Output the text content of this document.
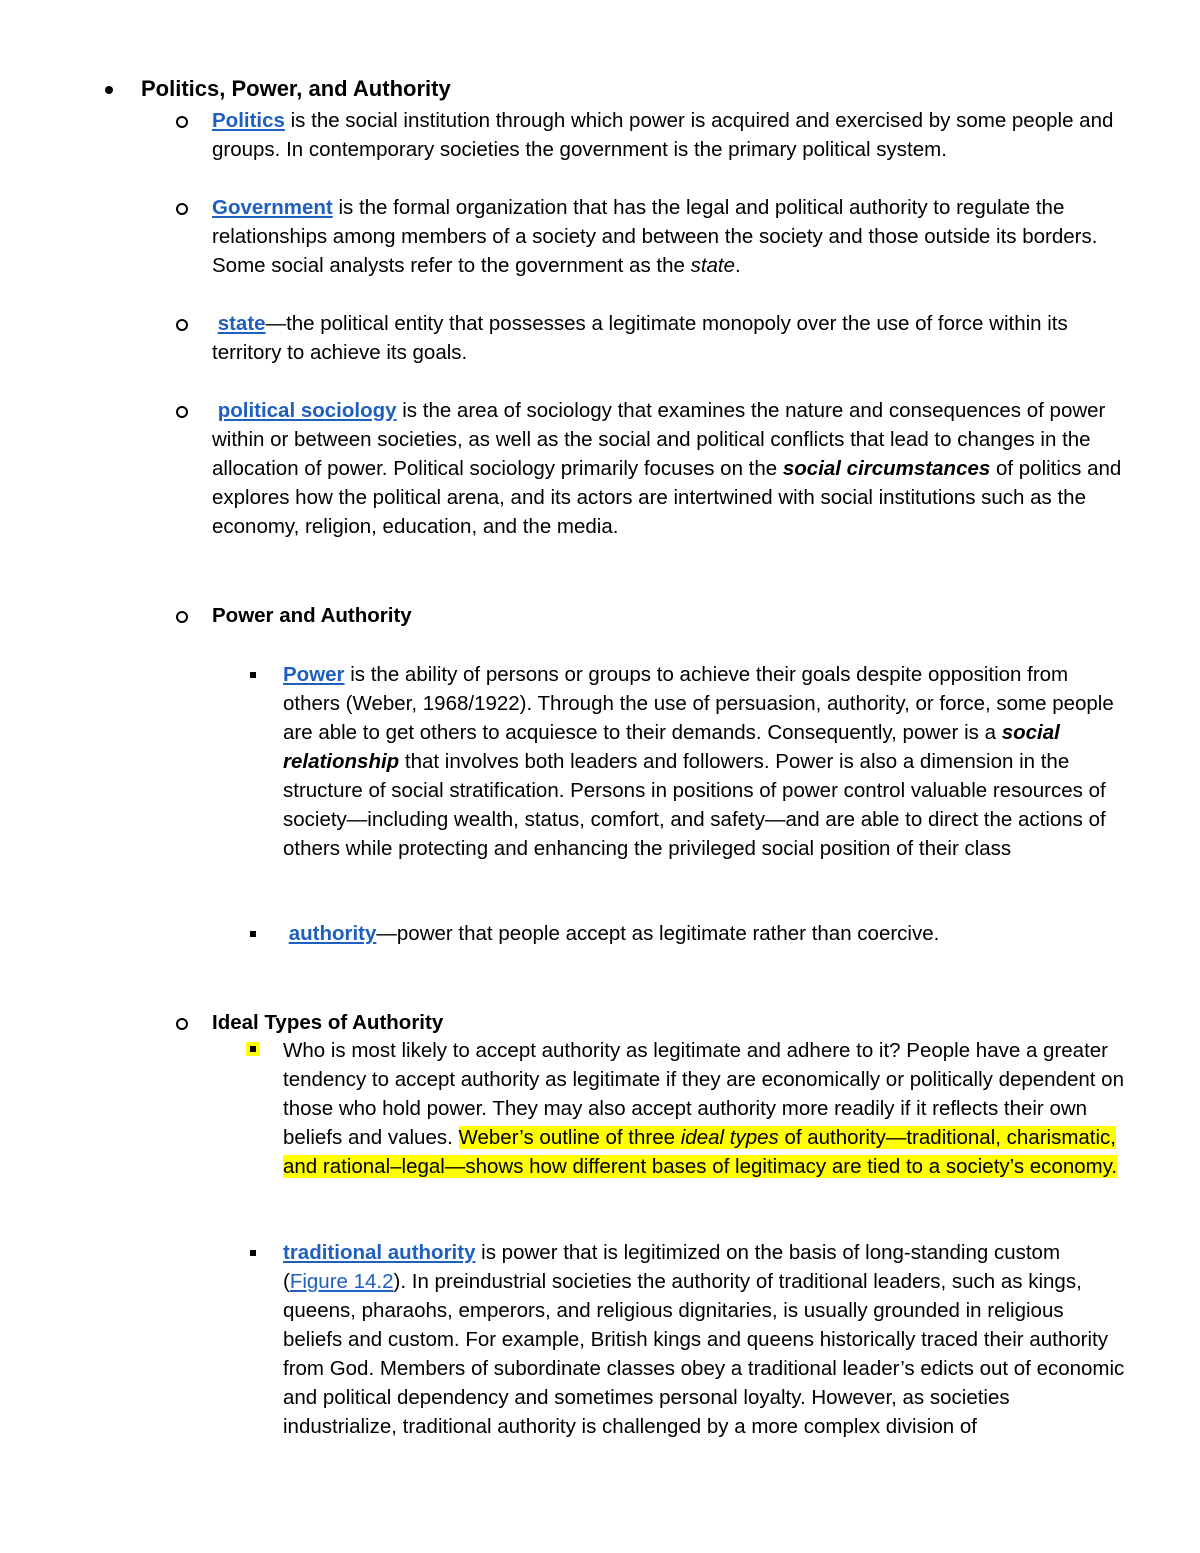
Politics, Power, and Authority

Politics is the social institution through which power is acquired and exercised by some people and groups. In contemporary societies the government is the primary political system.

Government is the formal organization that has the legal and political authority to regulate the relationships among members of a society and between the society and those outside its borders. Some social analysts refer to the government as the state.

state—the political entity that possesses a legitimate monopoly over the use of force within its territory to achieve its goals.

political sociology is the area of sociology that examines the nature and consequences of power within or between societies, as well as the social and political conflicts that lead to changes in the allocation of power. Political sociology primarily focuses on the social circumstances of politics and explores how the political arena, and its actors are intertwined with social institutions such as the economy, religion, education, and the media.

Power and Authority

Power is the ability of persons or groups to achieve their goals despite opposition from others (Weber, 1968/1922). Through the use of persuasion, authority, or force, some people are able to get others to acquiesce to their demands. Consequently, power is a social relationship that involves both leaders and followers. Power is also a dimension in the structure of social stratification. Persons in positions of power control valuable resources of society—including wealth, status, comfort, and safety—and are able to direct the actions of others while protecting and enhancing the privileged social position of their class

authority—power that people accept as legitimate rather than coercive.

Ideal Types of Authority

Who is most likely to accept authority as legitimate and adhere to it? People have a greater tendency to accept authority as legitimate if they are economically or politically dependent on those who hold power. They may also accept authority more readily if it reflects their own beliefs and values. Weber’s outline of three ideal types of authority—traditional, charismatic, and rational–legal—shows how different bases of legitimacy are tied to a society’s economy.

traditional authority is power that is legitimized on the basis of long-standing custom (Figure 14.2). In preindustrial societies the authority of traditional leaders, such as kings, queens, pharaohs, emperors, and religious dignitaries, is usually grounded in religious beliefs and custom. For example, British kings and queens historically traced their authority from God. Members of subordinate classes obey a traditional leader’s edicts out of economic and political dependency and sometimes personal loyalty. However, as societies industrialize, traditional authority is challenged by a more complex division of
